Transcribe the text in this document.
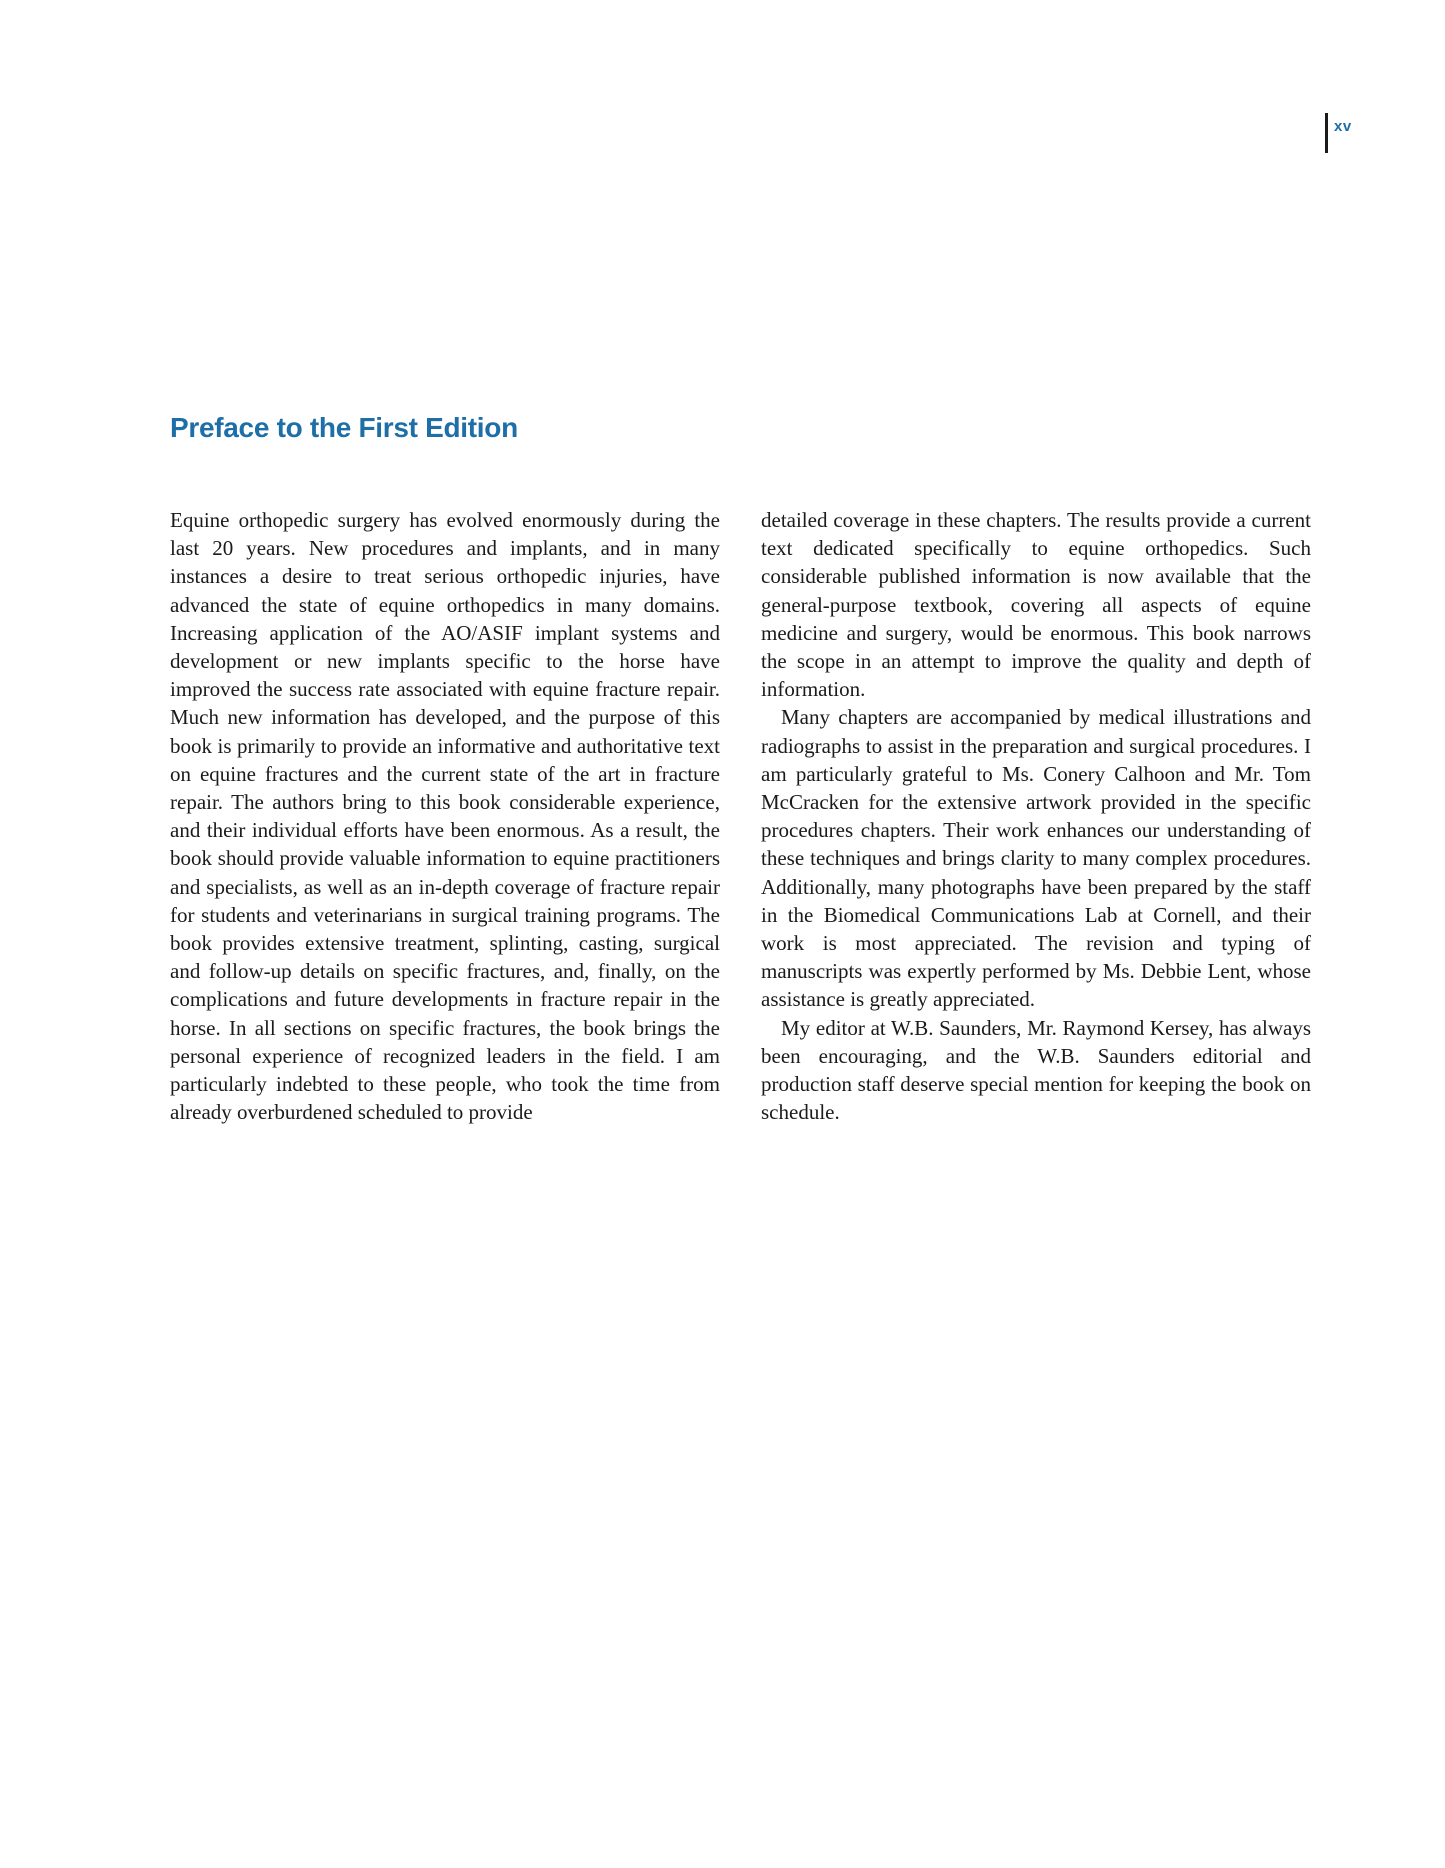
xv
Preface to the First Edition

Equine orthopedic surgery has evolved enormously during the last 20 years. New procedures and implants, and in many instances a desire to treat serious orthopedic injuries, have advanced the state of equine orthopedics in many domains. Increasing application of the AO/ASIF implant systems and development or new implants specific to the horse have improved the success rate associated with equine fracture repair. Much new information has developed, and the purpose of this book is primarily to provide an informative and authoritative text on equine fractures and the current state of the art in fracture repair. The authors bring to this book considerable experience, and their individual efforts have been enormous. As a result, the book should provide valuable information to equine practitioners and specialists, as well as an in-depth coverage of fracture repair for students and veterinarians in surgical training programs. The book provides extensive treatment, splinting, casting, surgical and follow-up details on specific fractures, and, finally, on the complications and future developments in fracture repair in the horse. In all sections on specific fractures, the book brings the personal experience of recognized leaders in the field. I am particularly indebted to these people, who took the time from already overburdened scheduled to provide

detailed coverage in these chapters. The results provide a current text dedicated specifically to equine orthopedics. Such considerable published information is now available that the general-purpose textbook, covering all aspects of equine medicine and surgery, would be enormous. This book narrows the scope in an attempt to improve the quality and depth of information.

Many chapters are accompanied by medical illustrations and radiographs to assist in the preparation and surgical procedures. I am particularly grateful to Ms. Conery Calhoon and Mr. Tom McCracken for the extensive artwork provided in the specific procedures chapters. Their work enhances our understanding of these techniques and brings clarity to many complex procedures. Additionally, many photographs have been prepared by the staff in the Biomedical Communications Lab at Cornell, and their work is most appreciated. The revision and typing of manuscripts was expertly performed by Ms. Debbie Lent, whose assistance is greatly appreciated.

My editor at W.B. Saunders, Mr. Raymond Kersey, has always been encouraging, and the W.B. Saunders editorial and production staff deserve special mention for keeping the book on schedule.
